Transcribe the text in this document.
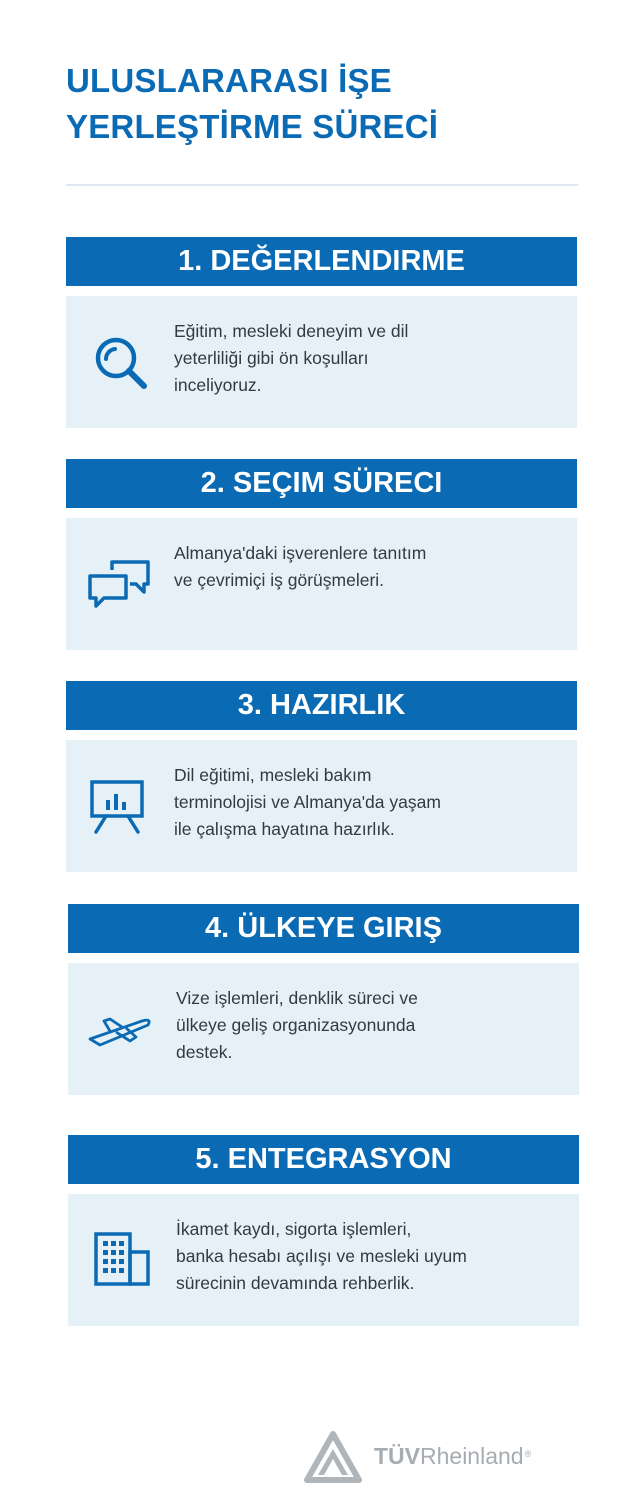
ULUSLARARASI İŞE
YERLEŞTİRME SÜRECİ
1. DEĞERLENDIRME
Eğitim, mesleki deneyim ve dil
yeterliliği gibi ön koşulları
inceliyoruz.
2. SEÇIM SÜRECI
Almanya'daki işverenlere tanıtım
ve çevrimiçi iş görüşmeleri.
3. HAZIRLIK
Dil eğitimi, mesleki bakım
terminolojisi ve Almanya'da yaşam
ile çalışma hayatına hazırlık.
4. ÜLKEYE GIRIŞ
Vize işlemleri, denklik süreci ve
ülkeye geliş organizasyonunda
destek.
5. ENTEGRASYON
İkamet kaydı, sigorta işlemleri,
banka hesabı açılışı ve mesleki uyum
sürecinin devamında rehberlik.
TÜVRheinland®
